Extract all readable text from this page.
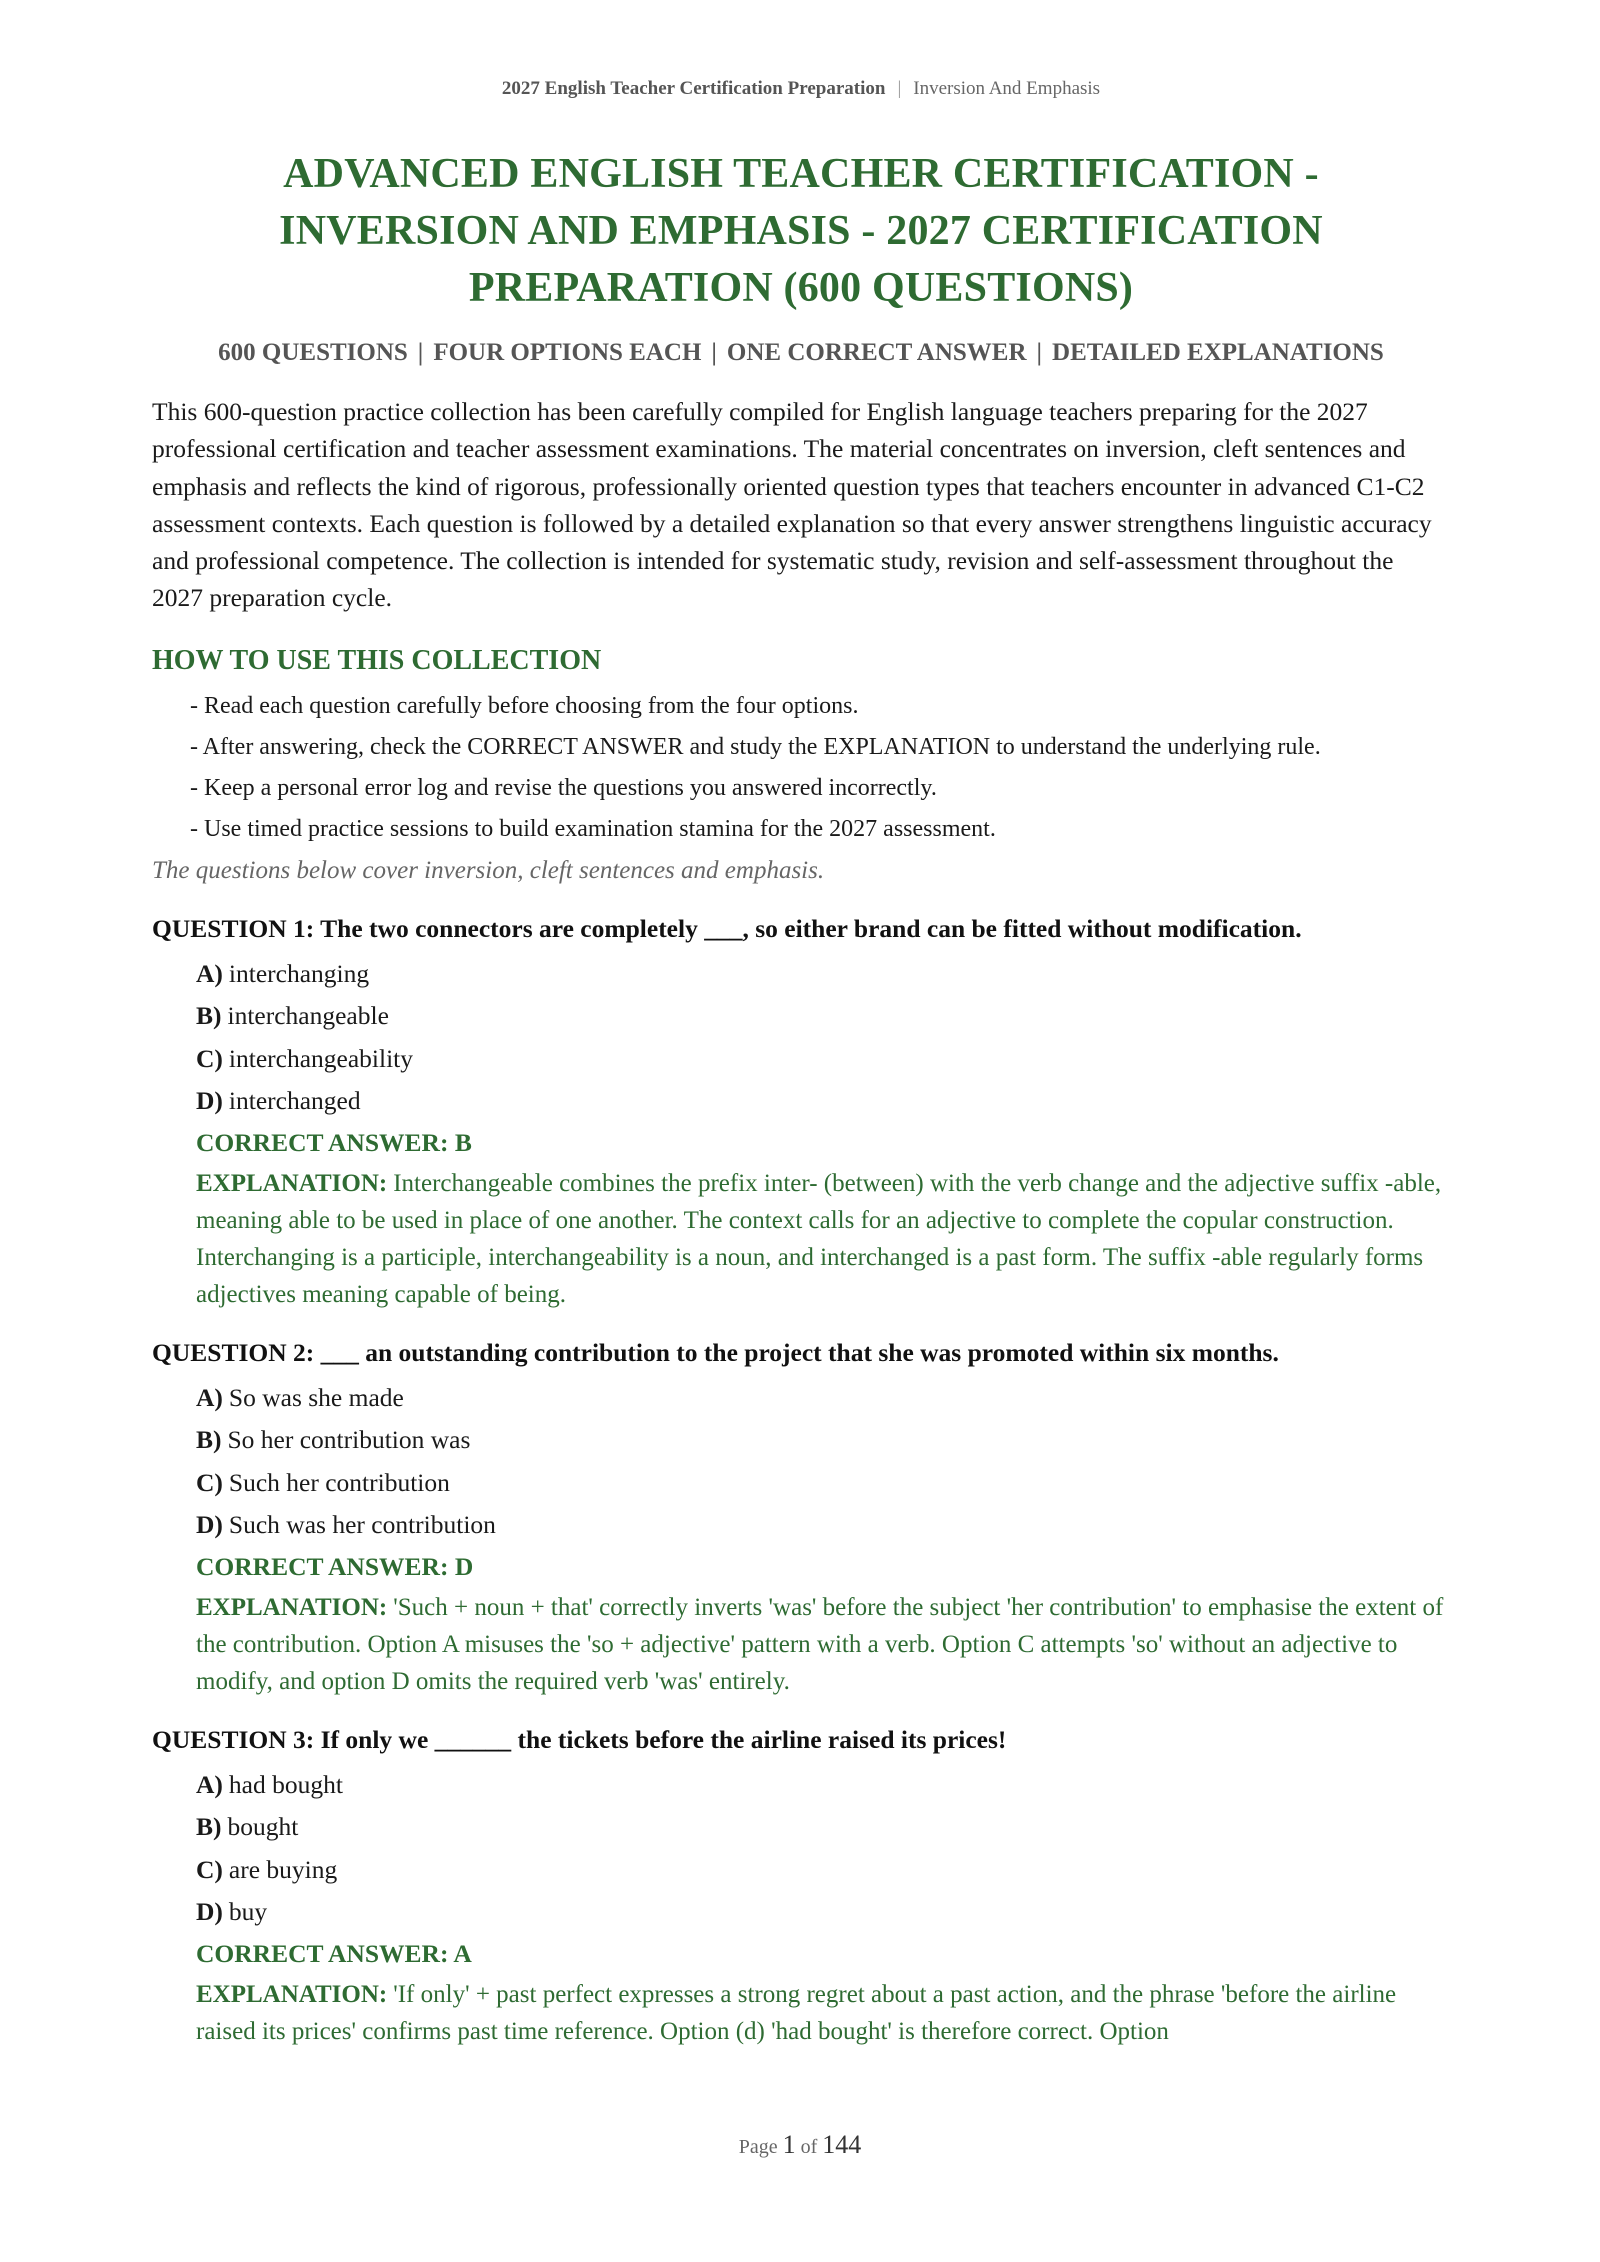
2027 English Teacher Certification Preparation | Inversion And Emphasis
ADVANCED ENGLISH TEACHER CERTIFICATION - INVERSION AND EMPHASIS - 2027 CERTIFICATION PREPARATION (600 QUESTIONS)
600 QUESTIONS | FOUR OPTIONS EACH | ONE CORRECT ANSWER | DETAILED EXPLANATIONS
This 600-question practice collection has been carefully compiled for English language teachers preparing for the 2027 professional certification and teacher assessment examinations. The material concentrates on inversion, cleft sentences and emphasis and reflects the kind of rigorous, professionally oriented question types that teachers encounter in advanced C1-C2 assessment contexts. Each question is followed by a detailed explanation so that every answer strengthens linguistic accuracy and professional competence. The collection is intended for systematic study, revision and self-assessment throughout the 2027 preparation cycle.
HOW TO USE THIS COLLECTION
- Read each question carefully before choosing from the four options.
- After answering, check the CORRECT ANSWER and study the EXPLANATION to understand the underlying rule.
- Keep a personal error log and revise the questions you answered incorrectly.
- Use timed practice sessions to build examination stamina for the 2027 assessment.
The questions below cover inversion, cleft sentences and emphasis.
QUESTION 1: The two connectors are completely ___, so either brand can be fitted without modification.
A) interchanging
B) interchangeable
C) interchangeability
D) interchanged
CORRECT ANSWER: B
EXPLANATION: Interchangeable combines the prefix inter- (between) with the verb change and the adjective suffix -able, meaning able to be used in place of one another. The context calls for an adjective to complete the copular construction. Interchanging is a participle, interchangeability is a noun, and interchanged is a past form. The suffix -able regularly forms adjectives meaning capable of being.
QUESTION 2: ___ an outstanding contribution to the project that she was promoted within six months.
A) So was she made
B) So her contribution was
C) Such her contribution
D) Such was her contribution
CORRECT ANSWER: D
EXPLANATION: 'Such + noun + that' correctly inverts 'was' before the subject 'her contribution' to emphasise the extent of the contribution. Option A misuses the 'so + adjective' pattern with a verb. Option C attempts 'so' without an adjective to modify, and option D omits the required verb 'was' entirely.
QUESTION 3: If only we ______ the tickets before the airline raised its prices!
A) had bought
B) bought
C) are buying
D) buy
CORRECT ANSWER: A
EXPLANATION: 'If only' + past perfect expresses a strong regret about a past action, and the phrase 'before the airline raised its prices' confirms past time reference. Option (d) 'had bought' is therefore correct. Option
Page 1 of 144
